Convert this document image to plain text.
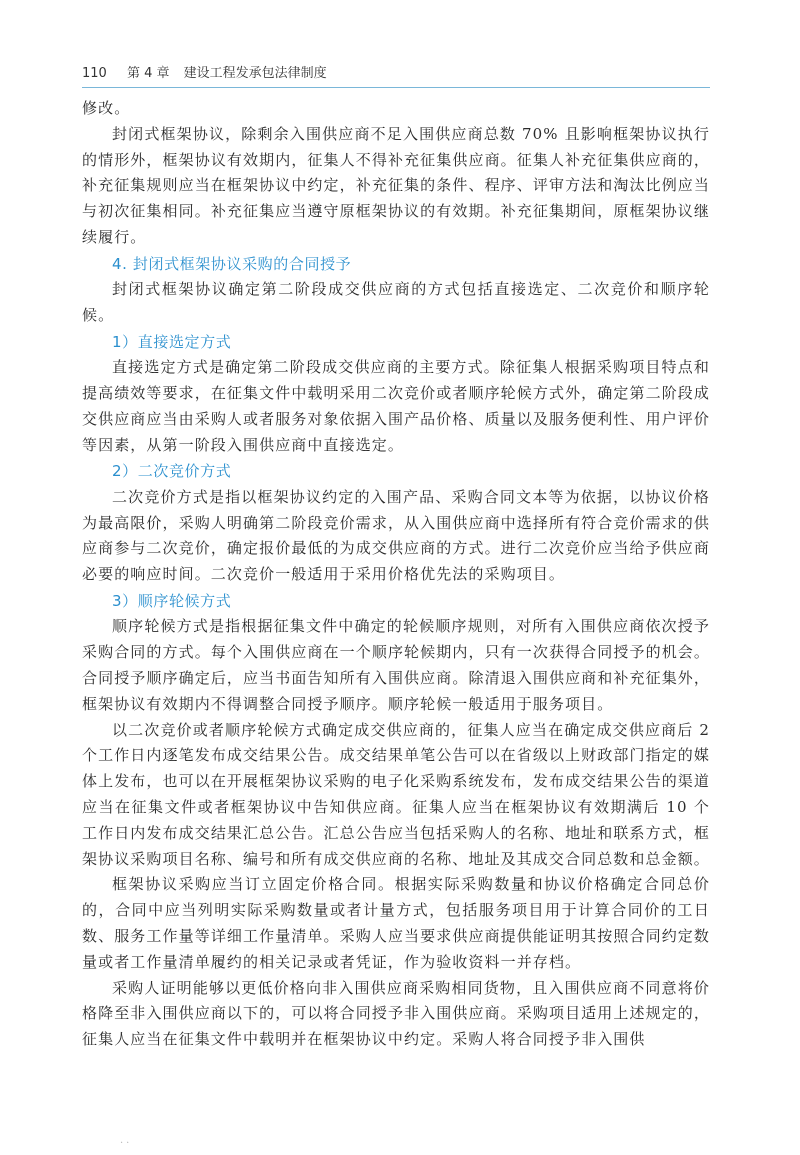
110 第 4 章 建设工程发承包法律制度

修改。

封闭式框架协议，除剩余入围供应商不足入围供应商总数 70% 且影响框架协议执行的情形外，框架协议有效期内，征集人不得补充征集供应商。征集人补充征集供应商的，补充征集规则应当在框架协议中约定，补充征集的条件、程序、评审方法和淘汰比例应当与初次征集相同。补充征集应当遵守原框架协议的有效期。补充征集期间，原框架协议继续履行。

4. 封闭式框架协议采购的合同授予

封闭式框架协议确定第二阶段成交供应商的方式包括直接选定、二次竞价和顺序轮候。

1）直接选定方式

直接选定方式是确定第二阶段成交供应商的主要方式。除征集人根据采购项目特点和提高绩效等要求，在征集文件中载明采用二次竞价或者顺序轮候方式外，确定第二阶段成交供应商应当由采购人或者服务对象依据入围产品价格、质量以及服务便利性、用户评价等因素，从第一阶段入围供应商中直接选定。

2）二次竞价方式

二次竞价方式是指以框架协议约定的入围产品、采购合同文本等为依据，以协议价格为最高限价，采购人明确第二阶段竞价需求，从入围供应商中选择所有符合竞价需求的供应商参与二次竞价，确定报价最低的为成交供应商的方式。进行二次竞价应当给予供应商必要的响应时间。二次竞价一般适用于采用价格优先法的采购项目。

3）顺序轮候方式

顺序轮候方式是指根据征集文件中确定的轮候顺序规则，对所有入围供应商依次授予采购合同的方式。每个入围供应商在一个顺序轮候期内，只有一次获得合同授予的机会。合同授予顺序确定后，应当书面告知所有入围供应商。除清退入围供应商和补充征集外，框架协议有效期内不得调整合同授予顺序。顺序轮候一般适用于服务项目。

以二次竞价或者顺序轮候方式确定成交供应商的，征集人应当在确定成交供应商后 2 个工作日内逐笔发布成交结果公告。成交结果单笔公告可以在省级以上财政部门指定的媒体上发布，也可以在开展框架协议采购的电子化采购系统发布，发布成交结果公告的渠道应当在征集文件或者框架协议中告知供应商。征集人应当在框架协议有效期满后 10 个工作日内发布成交结果汇总公告。汇总公告应当包括采购人的名称、地址和联系方式，框架协议采购项目名称、编号和所有成交供应商的名称、地址及其成交合同总数和总金额。

框架协议采购应当订立固定价格合同。根据实际采购数量和协议价格确定合同总价的，合同中应当列明实际采购数量或者计量方式，包括服务项目用于计算合同价的工日数、服务工作量等详细工作量清单。采购人应当要求供应商提供能证明其按照合同约定数量或者工作量清单履约的相关记录或者凭证，作为验收资料一并存档。

采购人证明能够以更低价格向非入围供应商采购相同货物，且入围供应商不同意将价格降至非入围供应商以下的，可以将合同授予非入围供应商。采购项目适用上述规定的，征集人应当在征集文件中载明并在框架协议中约定。采购人将合同授予非入围供

··
